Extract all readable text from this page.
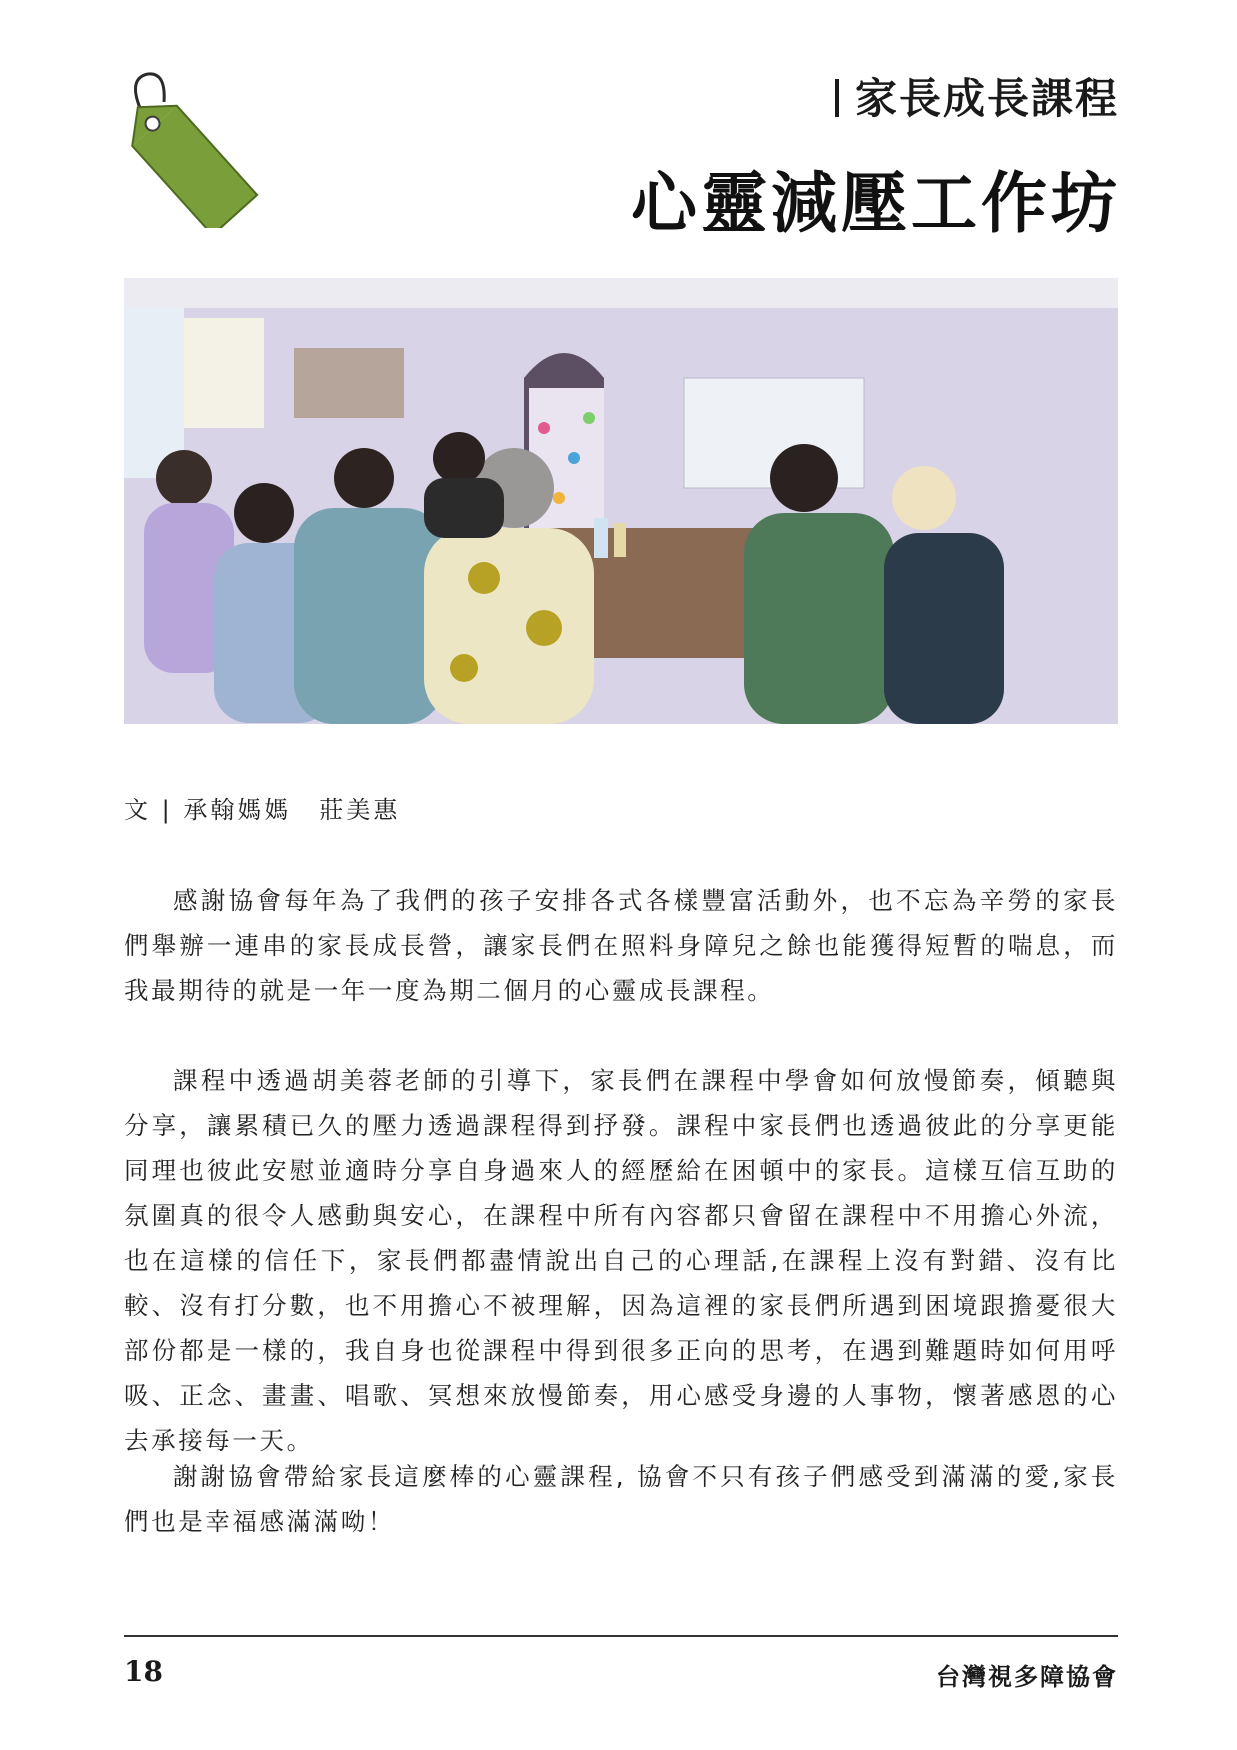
家長成長課程
心靈減壓工作坊
文 | 承翰媽媽 莊美惠

感謝協會每年為了我們的孩子安排各式各樣豐富活動外，也不忘為辛勞的家長們舉辦一連串的家長成長營，讓家長們在照料身障兒之餘也能獲得短暫的喘息，而我最期待的就是一年一度為期二個月的心靈成長課程。

課程中透過胡美蓉老師的引導下，家長們在課程中學會如何放慢節奏，傾聽與分享，讓累積已久的壓力透過課程得到抒發。課程中家長們也透過彼此的分享更能同理也彼此安慰並適時分享自身過來人的經歷給在困頓中的家長。這樣互信互助的氛圍真的很令人感動與安心，在課程中所有內容都只會留在課程中不用擔心外流，也在這樣的信任下，家長們都盡情說出自己的心理話,在課程上沒有對錯、沒有比較、沒有打分數，也不用擔心不被理解，因為這裡的家長們所遇到困境跟擔憂很大部份都是一樣的，我自身也從課程中得到很多正向的思考，在遇到難題時如何用呼吸、正念、畫畫、唱歌、冥想來放慢節奏，用心感受身邊的人事物，懷著感恩的心去承接每一天。

謝謝協會帶給家長這麼棒的心靈課程, 協會不只有孩子們感受到滿滿的愛,家長們也是幸福感滿滿呦！

18	台灣視多障協會
